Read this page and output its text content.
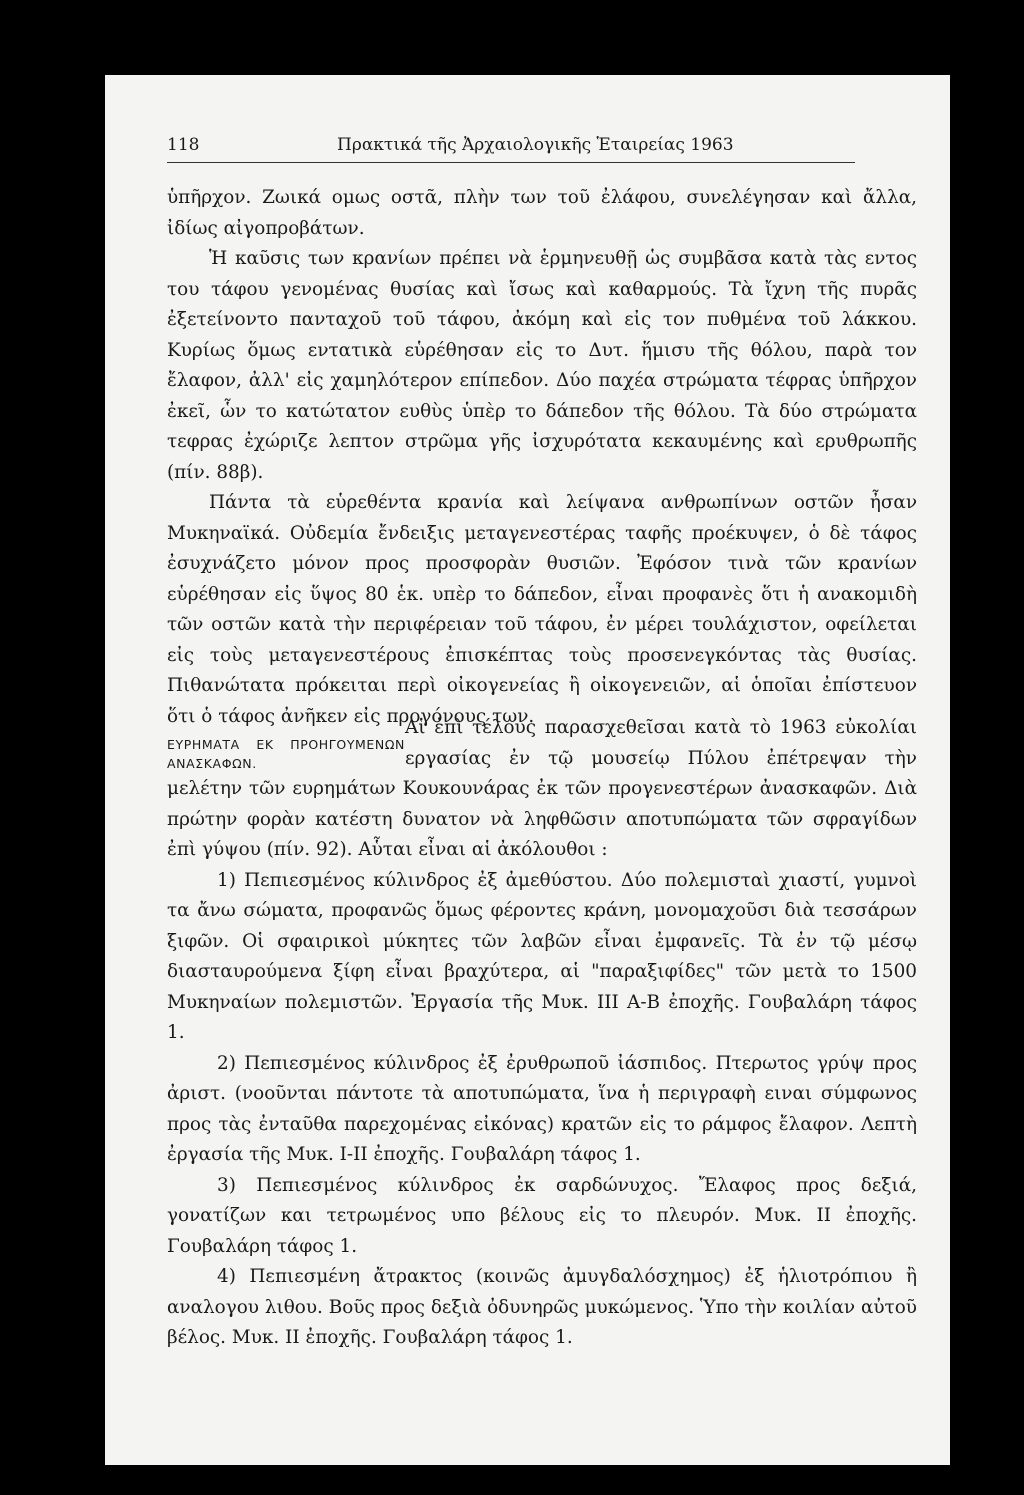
118	Πρακτικά τῆς Ἀρχαιολογικῆς Ἑταιρείας 1963

ὑπῆρχον. Ζωικά ομως οστᾶ, πλὴν των τοῦ ἐλάφου, συνελέγησαν καὶ ἄλλα, ἰδίως αἰγοπροβάτων.

Ἡ καῦσις των κρανίων πρέπει νὰ ἑρμηνευθῇ ὡς συμβᾶσα κατὰ τὰς εντος του τάφου γενομένας θυσίας καὶ ἴσως καὶ καθαρμούς. Τὰ ἴχνη τῆς πυρᾶς ἐξετείνοντο πανταχοῦ τοῦ τάφου, ἀκόμη καὶ εἰς τον πυθμένα τοῦ λάκκου. Κυρίως ὅμως εντατικὰ εὑρέθησαν εἰς το Δυτ. ἥμισυ τῆς θόλου, παρὰ τον ἔλαφον, ἀλλ' εἰς χαμηλότερον επίπεδον. Δύο παχέα στρώματα τέφρας ὑπῆρχον ἐκεῖ, ὧν το κατώτατον ευθὺς ὑπὲρ το δάπεδον τῆς θόλου. Τὰ δύο στρώματα τεφρας ἐχώριζε λεπτον στρῶμα γῆς ἰσχυρότατα κεκαυμένης καὶ ερυθρωπῆς (πίν. 88β).

Πάντα τὰ εὑρεθέντα κρανία καὶ λείψανα ανθρωπίνων οστῶν ἦσαν Μυκηναϊκά. Οὐδεμία ἔνδειξις μεταγενεστέρας ταφῆς προέκυψεν, ὁ δὲ τάφος ἐσυχνάζετο μόνον προς προσφορὰν θυσιῶν. Ἐφόσον τινὰ τῶν κρανίων εὑρέθησαν εἰς ὕψος 80 ἑκ. υπὲρ το δάπεδον, εἶναι προφανὲς ὅτι ἡ ανακομιδὴ τῶν οστῶν κατὰ τὴν περιφέρειαν τοῦ τάφου, ἐν μέρει τουλάχιστον, οφείλεται εἰς τοὺς μεταγενεστέρους ἐπισκέπτας τοὺς προσενεγκόντας τὰς θυσίας. Πιθανώτατα πρόκειται περὶ οἰκογενείας ἢ οἰκογενειῶν, αἱ ὁποῖαι ἐπίστευον ὅτι ὁ τάφος ἀνῆκεν εἰς προγόνους των.

ΕΥΡΗΜΑΤΑ ΕΚ ΠΡΟΗΓΟΥΜΕΝΩΝ ΑΝΑΣΚΑΦΩΝ.

Αἱ ἐπὶ τέλους παρασχεθεῖσαι κατὰ τὸ 1963 εὐκολίαι εργασίας ἐν τῷ μουσείῳ Πύλου ἐπέτρεψαν τὴν μελέτην τῶν ευρημάτων Κουκουνάρας ἐκ τῶν προγενεστέρων ἀνασκαφῶν. Διὰ πρώτην φορὰν κατέστη δυνατον νὰ ληφθῶσιν αποτυπώματα τῶν σφραγίδων ἐπὶ γύψου (πίν. 92). Αὗται εἶναι αἱ ἀκόλουθοι :

1) Πεπιεσμένος κύλινδρος ἐξ ἀμεθύστου. Δύο πολεμισταὶ χιαστί, γυμνοὶ τα ἄνω σώματα, προφανῶς ὅμως φέροντες κράνη, μονομαχοῦσι διὰ τεσσάρων ξιφῶν. Οἱ σφαιρικοὶ μύκητες τῶν λαβῶν εἶναι ἐμφανεῖς. Τὰ ἐν τῷ μέσῳ διασταυρούμενα ξίφη εἶναι βραχύτερα, αἱ "παραξιφίδες" τῶν μετὰ το 1500 Μυκηναίων πολεμιστῶν. Ἐργασία τῆς Μυκ. ΙΙΙ Α-Β ἐποχῆς. Γουβαλάρη τάφος 1.

2) Πεπιεσμένος κύλινδρος ἐξ ἐρυθρωποῦ ἰάσπιδος. Πτερωτος γρύψ προς ἀριστ. (νοοῦνται πάντοτε τὰ αποτυπώματα, ἵνα ἡ περιγραφὴ ειναι σύμφωνος προς τὰς ἐνταῦθα παρεχομένας εἰκόνας) κρατῶν εἰς το ράμφος ἔλαφον. Λεπτὴ ἐργασία τῆς Μυκ. Ι-ΙΙ ἐποχῆς. Γουβαλάρη τάφος 1.

3) Πεπιεσμένος κύλινδρος ἐκ σαρδώνυχος. Ἔλαφος προς δεξιά, γονατίζων και τετρωμένος υπο βέλους εἰς το πλευρόν. Μυκ. ΙΙ ἐποχῆς. Γουβαλάρη τάφος 1.

4) Πεπιεσμένη ἄτρακτος (κοινῶς ἀμυγδαλόσχημος) ἐξ ἡλιοτρόπιου ἢ αναλογου λιθου. Βοῦς προς δεξιὰ ὀδυνηρῶς μυκώμενος. Ὑπο τὴν κοιλίαν αὐτοῦ βέλος. Μυκ. ΙΙ ἐποχῆς. Γουβαλάρη τάφος 1.
